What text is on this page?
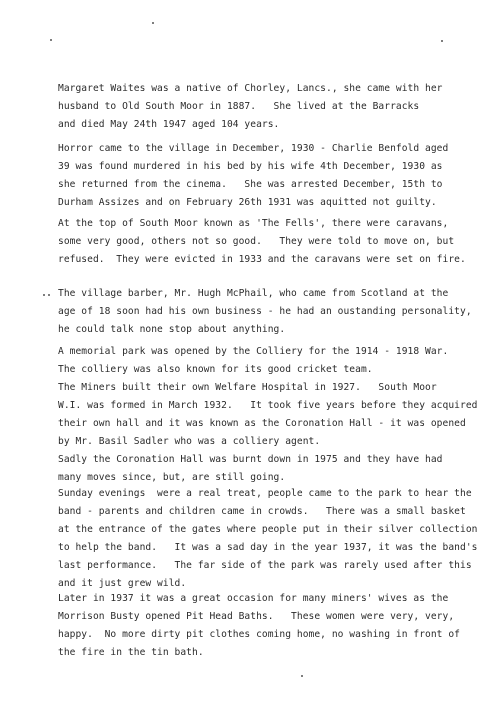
Margaret Waites was a native of Chorley, Lancs., she came with her
husband to Old South Moor in 1887.   She lived at the Barracks
and died May 24th 1947 aged 104 years.
Horror came to the village in December, 1930 - Charlie Benfold aged
39 was found murdered in his bed by his wife 4th December, 1930 as
she returned from the cinema.   She was arrested December, 15th to
Durham Assizes and on February 26th 1931 was aquitted not guilty.
At the top of South Moor known as 'The Fells', there were caravans,
some very good, others not so good.   They were told to move on, but
refused.  They were evicted in 1933 and the caravans were set on fire.
The village barber, Mr. Hugh McPhail, who came from Scotland at the
age of 18 soon had his own business - he had an oustanding personality,
he could talk none stop about anything.
A memorial park was opened by the Colliery for the 1914 - 1918 War.
The colliery was also known for its good cricket team.
The Miners built their own Welfare Hospital in 1927.   South Moor
W.I. was formed in March 1932.   It took five years before they acquired
their own hall and it was known as the Coronation Hall - it was opened
by Mr. Basil Sadler who was a colliery agent.
Sadly the Coronation Hall was burnt down in 1975 and they have had
many moves since, but, are still going.
Sunday evenings  were a real treat, people came to the park to hear the
band - parents and children came in crowds.   There was a small basket
at the entrance of the gates where people put in their silver collection
to help the band.   It was a sad day in the year 1937, it was the band's
last performance.   The far side of the park was rarely used after this
and it just grew wild.
Later in 1937 it was a great occasion for many miners' wives as the
Morrison Busty opened Pit Head Baths.   These women were very, very,
happy.  No more dirty pit clothes coming home, no washing in front of
the fire in the tin bath.
